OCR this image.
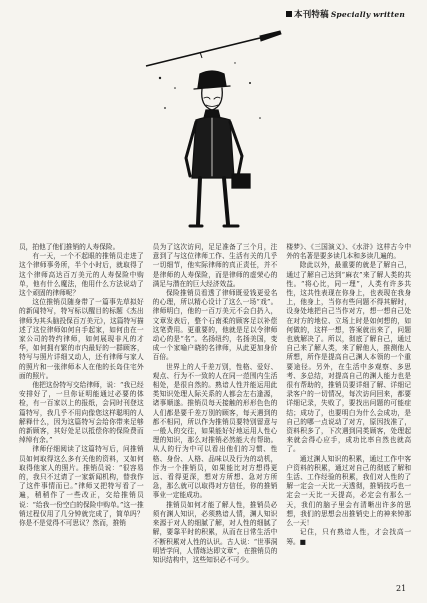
本刊特稿 Specially written

员，拍他了他们推销的人寿保险。

有一天，一个不起眼的推销员走进了这个律师事务所，半个小时后，就取得了这个律师高达百万美元的人寿保险中购单，他有什么魔法，他用什么方法说动了这个顽固的律师呢？

这位推销员随身带了一篇事先草拟好的新闻特写，特写标以醒目的标题《杰出律师为其头脑投保百万美元》，这篇特写描述了这位律师如何自手起家，如何由在一家公司的特约律师，如何展现非凡的才华，如何拥有繁的市内最好的一群顾客，特写与照片详细又动人，还有律师与家人的照片和一张律师本人在他的长岛住宅外面的照片。

他把这份特写交给律师，说：“我已经安排好了，一旦你证明能通过必要的体检，有一百家以上的报纸，会同时刊登这篇特写，我几乎不用向像您这样聪明的人解释什么，因为这篇特写会给你带来足够的新顾客，其好处足以抵偿你的保险费而绰绰有余。”

律师仔细阅读了这篇特写后，问推销员如何取得这么多有关他的资料，又如何取得他家人的照片。推销员说：“很容易的，我只不过请了一家新闻机构，替我作了这件事情而已。”律师又把特写看了一遍，稍稍作了一些改正，交给推销员说：“给我一份空白的保险申购单。”这一推销过程仅用了几分钟就完成了，简单吗？你是不是觉得不可思议？然而，推销

员为了这次访问，足足准备了三个月，注意到了与这位律师工作、生活有关的几乎一切细节，他实际律师的真正责任，并不是律师的人寿保险，而是律师的虚荣心的满足与潜在的巨大经济效益。

保险推销员看透了律师既爱钱更爱名的心理，所以精心设计了这么一场“戏”。律师明白，他的一百万美元不会白扔入，文章发表后，整个石南柔的顾客足以补偿这笔费用。更重要的，他就是足以令律师动心的是“名”。名扬纽约，名扬美国，变成一个家喻户晓的名律师，从此更加身价百倍。

世界上的人千差万别，性格、爱好、观点、行为不一致的人在同一范围内生活相处，是很自然的。熟谙人性并能运用此类知识处理人际关系的人都会左右逢源，诸事顺遂。推销员每天接触的形形色色的人们都是要千差万别的顾客，每天遇到的都不相同，所以作为推销员要特别留意与一般人的交往，如果能好好地运用人性心理的知识，那么对推销必然能大有帮助。从人的行为中可以看出他们的习惯、性格、身份、人格、品味以及行为的动机，作为一个推销员，如果能比对方想得更远、看得更深，想对方所想、急对方所急，那么就可以取得对方信任，你的推销事业一定能成功。

推销员如何才能了解人性，推销员必须有渊人知识，必须熟谙人情，渊人知识来源于对人的细腻了解，对人性的细腻了解，要靠平时的积累，从而在日常生活中不断积累对人性的认识。古人说：“世事洞明皆学问，人情练达即文章”，在推销员的知识结构中，这些知识必不可少。

楼梦》、《三国演义》、《水浒》这样古今中外的名著是要多读几本和多读几遍的。

除此以外，最重要的就是了解自己，通过了解自己达到“麻衣”来了解人类的共性。“将心比，同一理”，人类有许多共性，这共性表现在你身上，也表现在我身上，他身上，当你有些问题不得其解时，设身处地把自己当作对方，想一想自己处在对方的地位、立场上时是如何想的，如何做的，这样一想，答案就出来了，问题也就解决了。所以，彻底了解自己，通过自己来了解人类，来了解他人，推测他人所想，所作是提高自己渊人本领的一个重要途径。另外，在生活中多观察、多思考、多总结，对提高自己的渊人能力也是很有帮助的，推销员要详细了解、详细记录客户的一切情况，每次访问回来，都要详细记录，失败了，要找出问题的可能症结；成功了，也要明白为什么会成功，是自己的哪一点说动了对方，原因找准了，资料积多了，下次遇到同类顾客，处理起来就会得心应手，成功比率自然也就高了。

通过渊人知识的积累，通过工作中客户资料的积累，通过对自己的彻底了解和生活、工作经验的积累，我们对人性的了解一定会一天比一天透彻，推销技巧也一定会一天比一天提高，必定会有那么一天，我们的脑子里会有清晰出许多的思想，我们的思想会出推销史上的神来钟那么一天！

记住，只有熟谙人性，才会找高一筹。■

21
